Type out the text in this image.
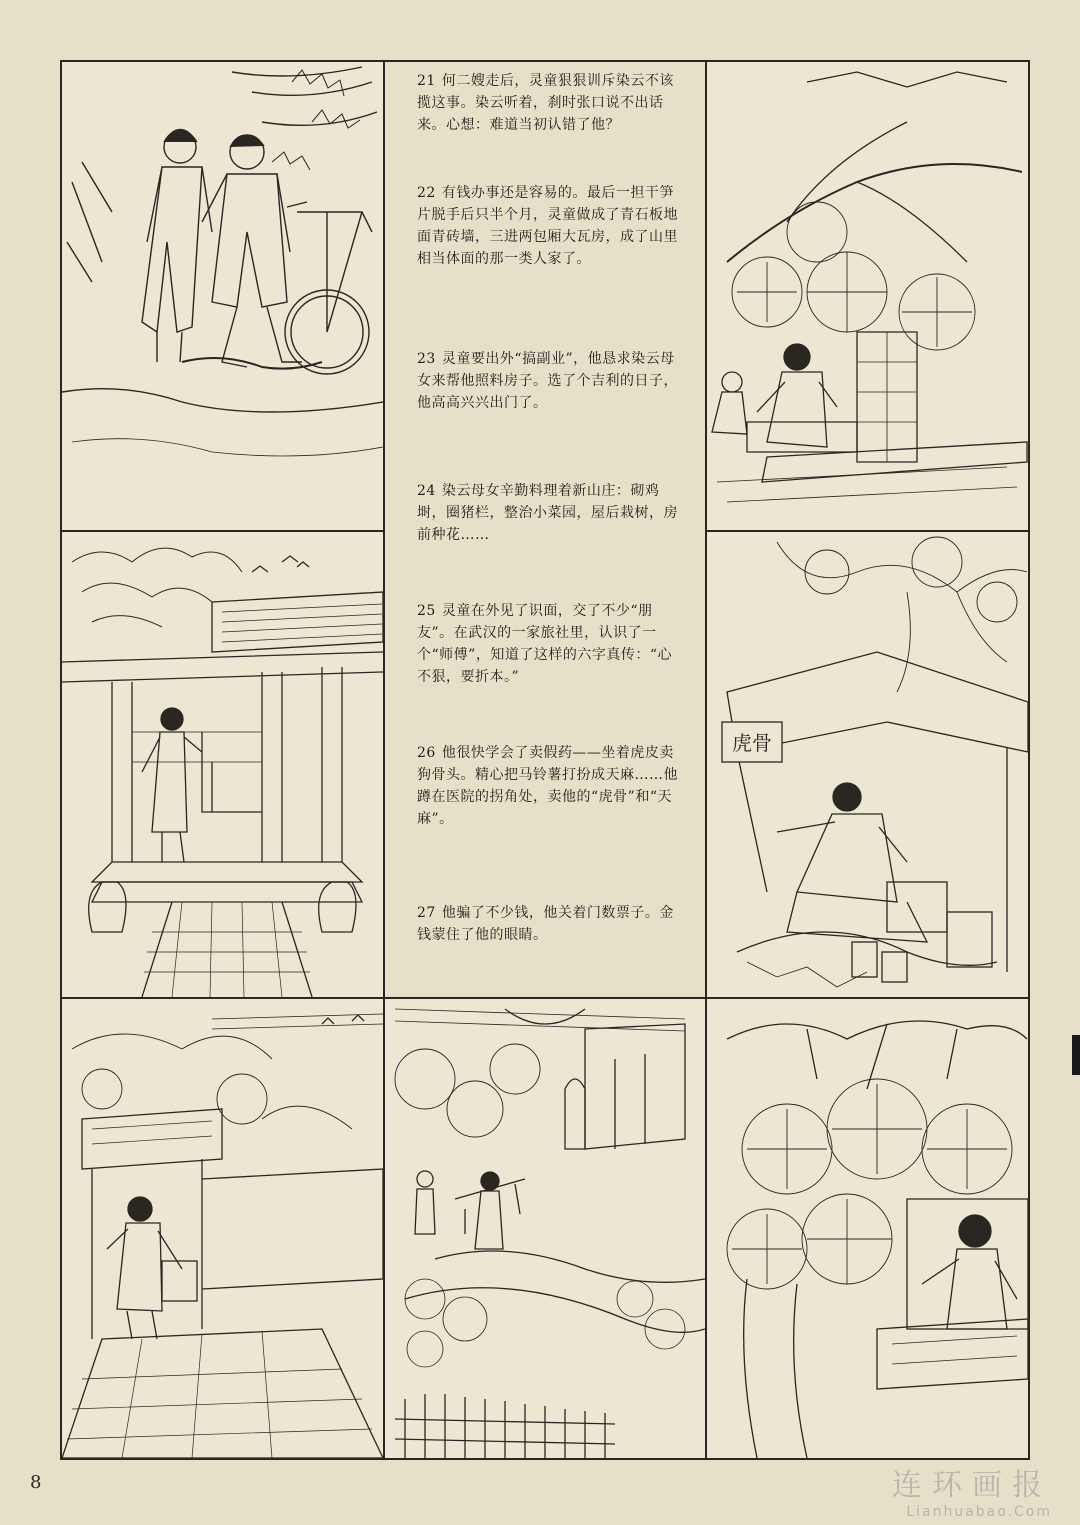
21 何二嫂走后，灵童狠狠训斥染云不该揽这事。染云听着，刹时张口说不出话来。心想：难道当初认错了他？
22 有钱办事还是容易的。最后一担干笋片脱手后只半个月，灵童做成了青石板地面青砖墙，三进两包厢大瓦房，成了山里相当体面的那一类人家了。
23 灵童要出外“搞副业”，他恳求染云母女来帮他照料房子。选了个吉利的日子，他高高兴兴出门了。
24 染云母女辛勤料理着新山庄：砌鸡埘，圈猪栏，整治小菜园，屋后栽树，房前种花……
25 灵童在外见了识面，交了不少“朋友”。在武汉的一家旅社里，认识了一个“师傅”，知道了这样的六字真传：“心不狠，要折本。”
26 他很快学会了卖假药——坐着虎皮卖狗骨头。精心把马铃薯打扮成天麻……他蹲在医院的拐角处，卖他的“虎骨”和“天麻”。
27 他骗了不少钱，他关着门数票子。金钱蒙住了他的眼睛。
虎骨
8	连环画报
Lianhuabao.Com
